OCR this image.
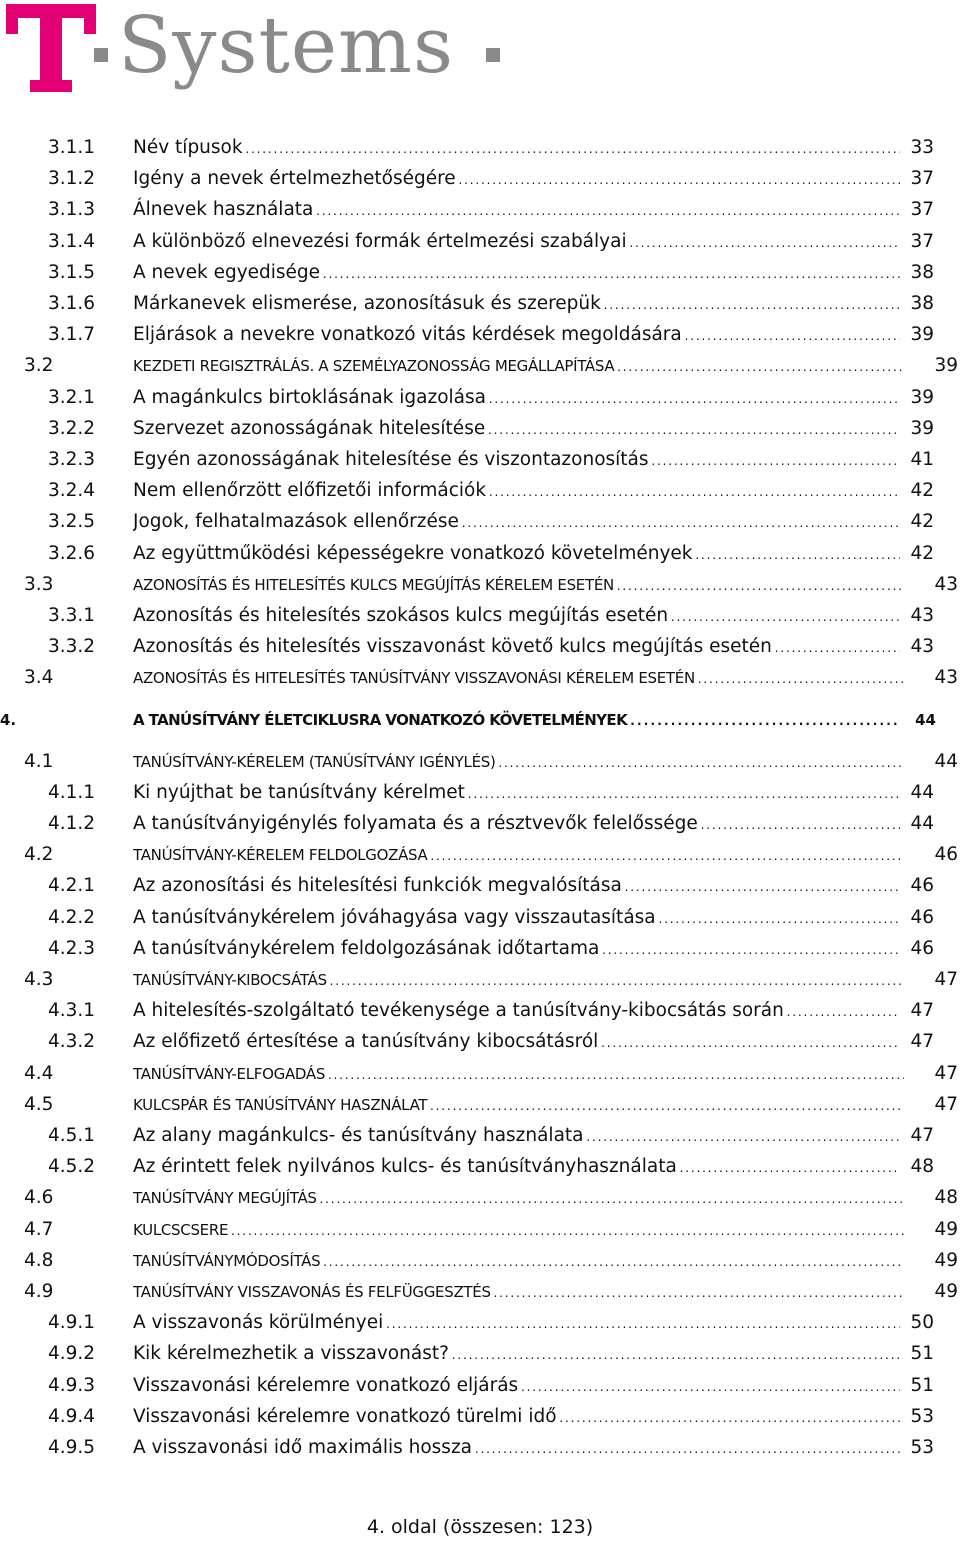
Systems
3.1.1 Név típusok . . .	33
3.1.2 Igény a nevek értelmezhetőségére . . .	37
3.1.3 Álnevek használata . . .	37
3.1.4 A különböző elnevezési formák értelmezési szabályai . . .	37
3.1.5 A nevek egyedisége . . .	38
3.1.6 Márkanevek elismerése, azonosításuk és szerepük . . .	38
3.1.7 Eljárások a nevekre vonatkozó vitás kérdések megoldására . . .	39
3.2	KEZDETI REGISZTRÁLÁS. A SZEMÉLYAZONOSSÁG MEGÁLLAPÍTÁSA . . .	39
3.2.1 A magánkulcs birtoklásának igazolása . . .	39
3.2.2 Szervezet azonosságának hitelesítése . . .	39
3.2.3 Egyén azonosságának hitelesítése és viszontazonosítás . . .	41
3.2.4 Nem ellenőrzött előfizetői információk . . .	42
3.2.5 Jogok, felhatalmazások ellenőrzése . . .	42
3.2.6 Az együttműködési képességekre vonatkozó követelmények . . .	42
3.3	AZONOSÍTÁS ÉS HITELESÍTÉS KULCS MEGÚJÍTÁS KÉRELEM ESETÉN . . .	43
3.3.1 Azonosítás és hitelesítés szokásos kulcs megújítás esetén . . .	43
3.3.2 Azonosítás és hitelesítés visszavonást követő kulcs megújítás esetén . . .	43
3.4	AZONOSÍTÁS ÉS HITELESÍTÉS TANÚSÍTVÁNY VISSZAVONÁSI KÉRELEM ESETÉN . . .	43
4.	A TANÚSÍTVÁNY ÉLETCIKLUSRA VONATKOZÓ KÖVETELMÉNYEK . . .	44
4.1	TANÚSÍTVÁNY-KÉRELEM (TANÚSÍTVÁNY IGÉNYLÉS) . . .	44
4.1.1 Ki nyújthat be tanúsítvány kérelmet . . .	44
4.1.2 A tanúsítványigénylés folyamata és a résztvevők felelőssége . . .	44
4.2	TANÚSÍTVÁNY-KÉRELEM FELDOLGOZÁSA . . .	46
4.2.1 Az azonosítási és hitelesítési funkciók megvalósítása . . .	46
4.2.2 A tanúsítványkérelem jóváhagyása vagy visszautasítása . . .	46
4.2.3 A tanúsítványkérelem feldolgozásának időtartama . . .	46
4.3	TANÚSÍTVÁNY-KIBOCSÁTÁS . . .	47
4.3.1 A hitelesítés-szolgáltató tevékenysége a tanúsítvány-kibocsátás során . . .	47
4.3.2 Az előfizető értesítése a tanúsítvány kibocsátásról . . .	47
4.4	TANÚSÍTVÁNY-ELFOGADÁS . . .	47
4.5	KULCSPÁR ÉS TANÚSÍTVÁNY HASZNÁLAT . . .	47
4.5.1 Az alany magánkulcs- és tanúsítvány használata . . .	47
4.5.2 Az érintett felek nyilvános kulcs- és tanúsítványhasználata . . .	48
4.6	TANÚSÍTVÁNY MEGÚJÍTÁS . . .	48
4.7	KULCSCSERE . . .	49
4.8	TANÚSÍTVÁNYMÓDOSÍTÁS . . .	49
4.9	TANÚSÍTVÁNY VISSZAVONÁS ÉS FELFÜGGESZTÉS . . .	49
4.9.1 A visszavonás körülményei . . .	50
4.9.2 Kik kérelmezhetik a visszavonást? . . .	51
4.9.3 Visszavonási kérelemre vonatkozó eljárás . . .	51
4.9.4 Visszavonási kérelemre vonatkozó türelmi idő . . .	53
4.9.5 A visszavonási idő maximális hossza . . .	53
4. oldal (összesen: 123)
